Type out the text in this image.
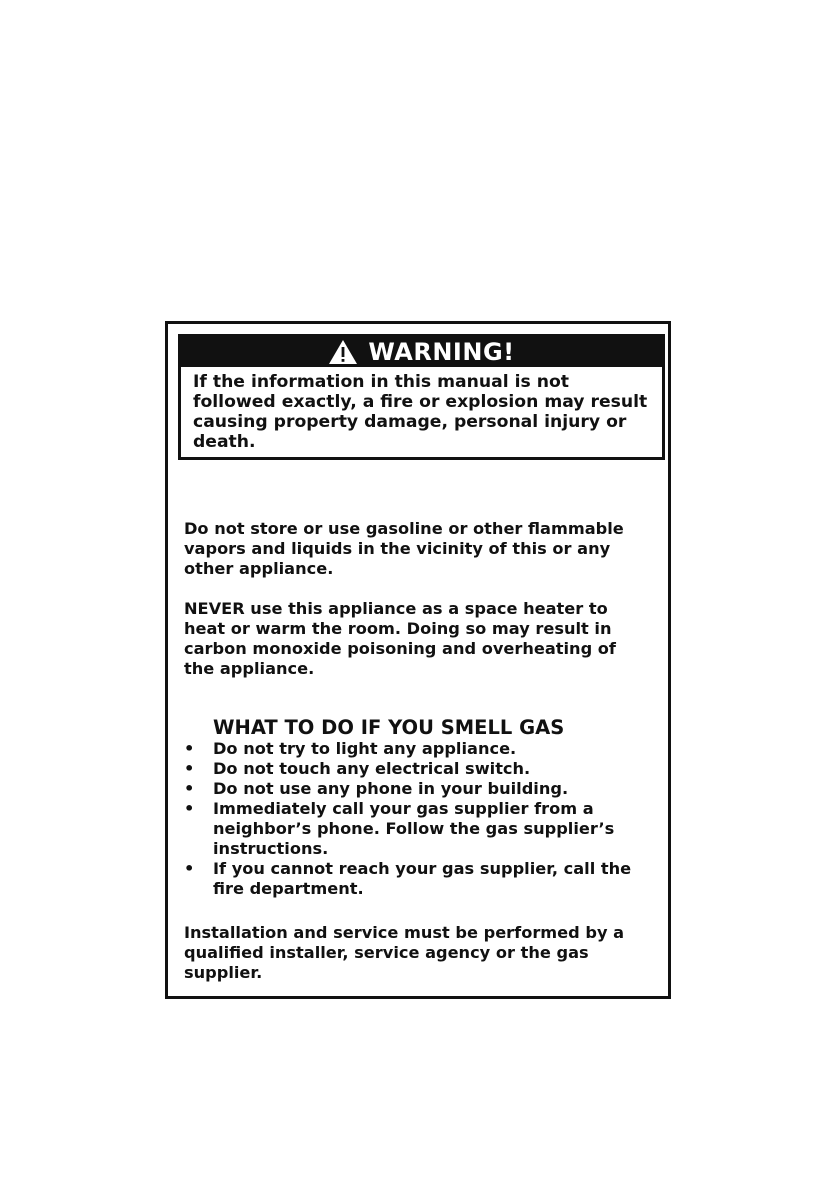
WARNING!
If the information in this manual is not followed exactly, a fire or explosion may result causing property damage, personal injury or death.
Do not store or use gasoline or other flammable vapors and liquids in the vicinity of this or any other appliance.
NEVER use this appliance as a space heater to heat or warm the room. Doing so may result in carbon monoxide poisoning and overheating of the appliance.
WHAT TO DO IF YOU SMELL GAS
• Do not try to light any appliance.
• Do not touch any electrical switch.
• Do not use any phone in your building.
• Immediately call your gas supplier from a neighbor’s phone. Follow the gas supplier’s instructions.
• If you cannot reach your gas supplier, call the fire department.
Installation and service must be performed by a qualified installer, service agency or the gas supplier.
